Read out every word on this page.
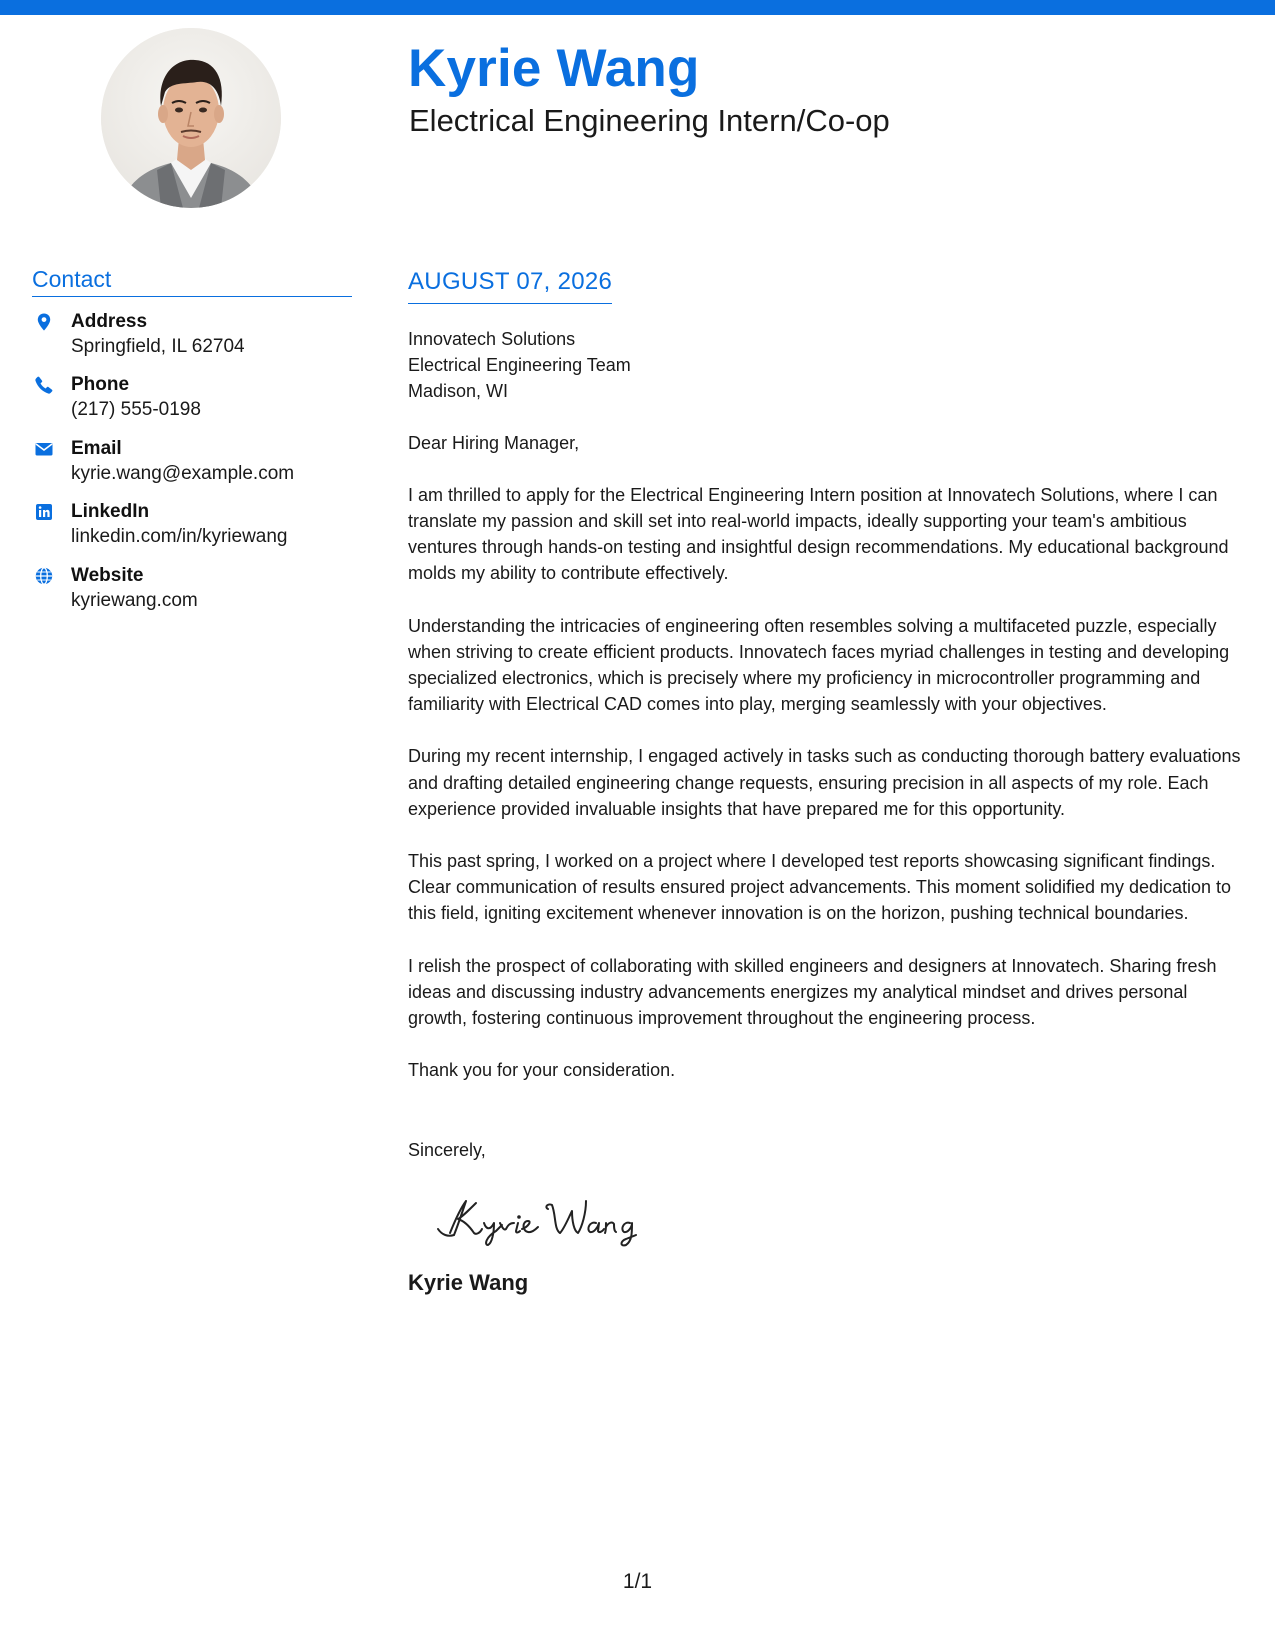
Kyrie Wang
Electrical Engineering Intern/Co-op
Contact
Address
Springfield, IL 62704
Phone
(217) 555-0198
Email
kyrie.wang@example.com
LinkedIn
linkedin.com/in/kyriewang
Website
kyriewang.com
AUGUST 07, 2026
Innovatech Solutions
Electrical Engineering Team
Madison, WI
Dear Hiring Manager,
I am thrilled to apply for the Electrical Engineering Intern position at Innovatech Solutions, where I can translate my passion and skill set into real-world impacts, ideally supporting your team's ambitious ventures through hands-on testing and insightful design recommendations. My educational background molds my ability to contribute effectively.
Understanding the intricacies of engineering often resembles solving a multifaceted puzzle, especially when striving to create efficient products. Innovatech faces myriad challenges in testing and developing specialized electronics, which is precisely where my proficiency in microcontroller programming and familiarity with Electrical CAD comes into play, merging seamlessly with your objectives.
During my recent internship, I engaged actively in tasks such as conducting thorough battery evaluations and drafting detailed engineering change requests, ensuring precision in all aspects of my role. Each experience provided invaluable insights that have prepared me for this opportunity.
This past spring, I worked on a project where I developed test reports showcasing significant findings. Clear communication of results ensured project advancements. This moment solidified my dedication to this field, igniting excitement whenever innovation is on the horizon, pushing technical boundaries.
I relish the prospect of collaborating with skilled engineers and designers at Innovatech. Sharing fresh ideas and discussing industry advancements energizes my analytical mindset and drives personal growth, fostering continuous improvement throughout the engineering process.
Thank you for your consideration.
Sincerely,
Kyrie Wang
1/1
